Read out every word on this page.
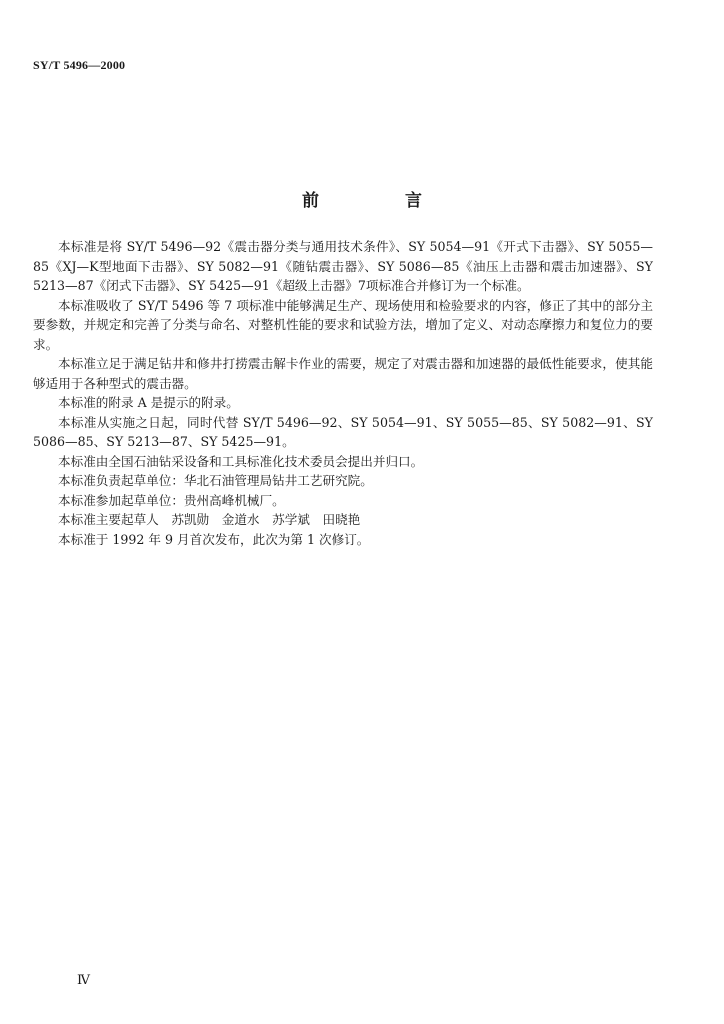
SY/T 5496—2000
前 言

本标准是将 SY/T 5496—92《震击器分类与通用技术条件》、SY 5054—91《开式下击器》、SY 5055—85《XJ—K型地面下击器》、SY 5082—91《随钻震击器》、SY 5086—85《油压上击器和震击加速器》、SY 5213—87《闭式下击器》、SY 5425—91《超级上击器》7项标准合并修订为一个标准。

本标准吸收了 SY/T 5496 等 7 项标准中能够满足生产、现场使用和检验要求的内容，修正了其中的部分主要参数，并规定和完善了分类与命名、对整机性能的要求和试验方法，增加了定义、对动态摩擦力和复位力的要求。

本标准立足于满足钻井和修井打捞震击解卡作业的需要，规定了对震击器和加速器的最低性能要求，使其能够适用于各种型式的震击器。

本标准的附录 A 是提示的附录。

本标准从实施之日起，同时代替 SY/T 5496—92、SY 5054—91、SY 5055—85、SY 5082—91、SY 5086—85、SY 5213—87、SY 5425—91。

本标准由全国石油钻采设备和工具标准化技术委员会提出并归口。

本标准负责起草单位：华北石油管理局钻井工艺研究院。

本标准参加起草单位：贵州高峰机械厂。

本标准主要起草人　苏凯勋　金道水　苏学斌　田晓艳

本标准于 1992 年 9 月首次发布，此次为第 1 次修订。

Ⅳ
